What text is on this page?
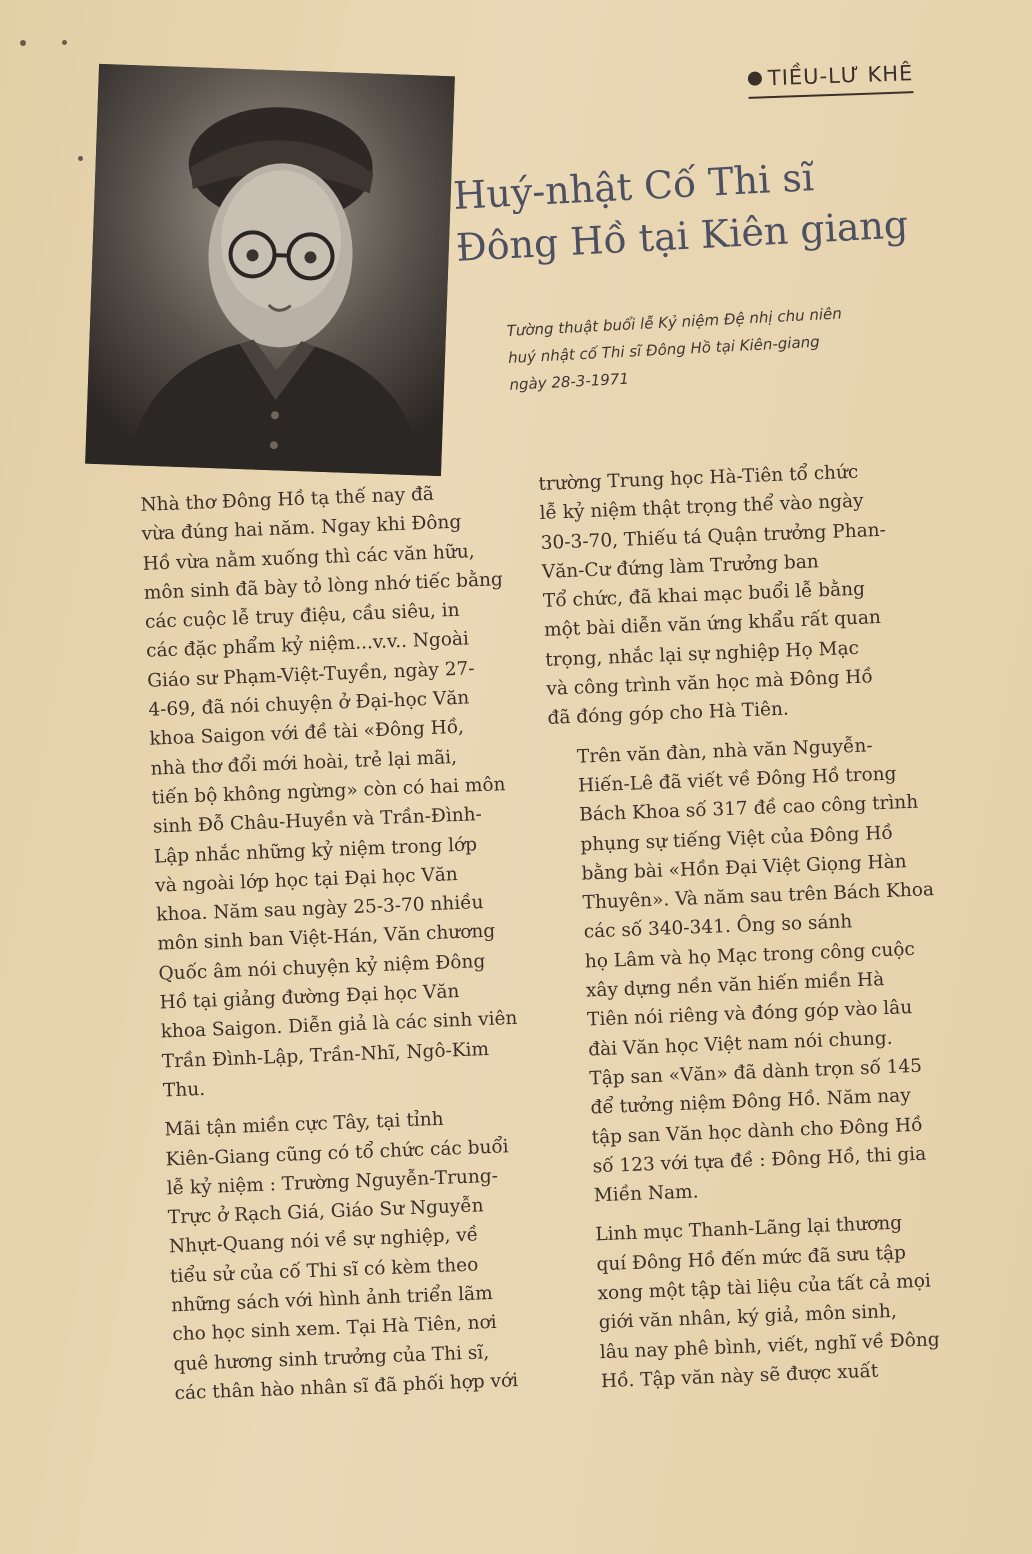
TIỀU-LƯ KHÊ
Huý-nhật Cố Thi sĩ
Đông Hồ tại Kiên giang
Tường thuật buổi lễ Kỷ niệm Đệ nhị chu niên
huý nhật cố Thi sĩ Đông Hồ tại Kiên-giang
ngày 28-3-1971

Nhà thơ Đông Hồ tạ thế nay đã
vừa đúng hai năm. Ngay khi Đông
Hồ vừa nằm xuống thì các văn hữu,
môn sinh đã bày tỏ lòng nhớ tiếc bằng
các cuộc lễ truy điệu, cầu siêu, in
các đặc phẩm kỷ niệm...v.v.. Ngoài
Giáo sư Phạm-Việt-Tuyền, ngày 27-
4-69, đã nói chuyện ở Đại-học Văn
khoa Saigon với đề tài «Đông Hồ,
nhà thơ đổi mới hoài, trẻ lại mãi,
tiến bộ không ngừng» còn có hai môn
sinh Đỗ Châu-Huyền và Trần-Đình-
Lập nhắc những kỷ niệm trong lớp
và ngoài lớp học tại Đại học Văn
khoa. Năm sau ngày 25-3-70 nhiều
môn sinh ban Việt-Hán, Văn chương
Quốc âm nói chuyện kỷ niệm Đông
Hồ tại giảng đường Đại học Văn
khoa Saigon. Diễn giả là các sinh viên
Trần Đình-Lập, Trần-Nhĩ, Ngô-Kim
Thu.

Mãi tận miền cực Tây, tại tỉnh
Kiên-Giang cũng có tổ chức các buổi
lễ kỷ niệm : Trường Nguyễn-Trung-
Trực ở Rạch Giá, Giáo Sư Nguyễn
Nhựt-Quang nói về sự nghiệp, về
tiểu sử của cố Thi sĩ có kèm theo
những sách với hình ảnh triển lãm
cho học sinh xem. Tại Hà Tiên, nơi
quê hương sinh trưởng của Thi sĩ,
các thân hào nhân sĩ đã phối hợp với

trường Trung học Hà-Tiên tổ chức
lễ kỷ niệm thật trọng thể vào ngày
30-3-70, Thiếu tá Quận trưởng Phan-
Văn-Cư đứng làm Trưởng ban
Tổ chức, đã khai mạc buổi lễ bằng
một bài diễn văn ứng khẩu rất quan
trọng, nhắc lại sự nghiệp Họ Mạc
và công trình văn học mà Đông Hồ
đã đóng góp cho Hà Tiên.

Trên văn đàn, nhà văn Nguyễn-
Hiến-Lê đã viết về Đông Hồ trong
Bách Khoa số 317 đề cao công trình
phụng sự tiếng Việt của Đông Hồ
bằng bài «Hồn Đại Việt Giọng Hàn
Thuyên». Và năm sau trên Bách Khoa
các số 340-341. Ông so sánh
họ Lâm và họ Mạc trong công cuộc
xây dựng nền văn hiến miền Hà
Tiên nói riêng và đóng góp vào lâu
đài Văn học Việt nam nói chung.
Tập san «Văn» đã dành trọn số 145
để tưởng niệm Đông Hồ. Năm nay
tập san Văn học dành cho Đông Hồ
số 123 với tựa đề : Đông Hồ, thi gia
Miền Nam.

Linh mục Thanh-Lãng lại thương
quí Đông Hồ đến mức đã sưu tập
xong một tập tài liệu của tất cả mọi
giới văn nhân, ký giả, môn sinh,
lâu nay phê bình, viết, nghĩ về Đông
Hồ. Tập văn này sẽ được xuất
